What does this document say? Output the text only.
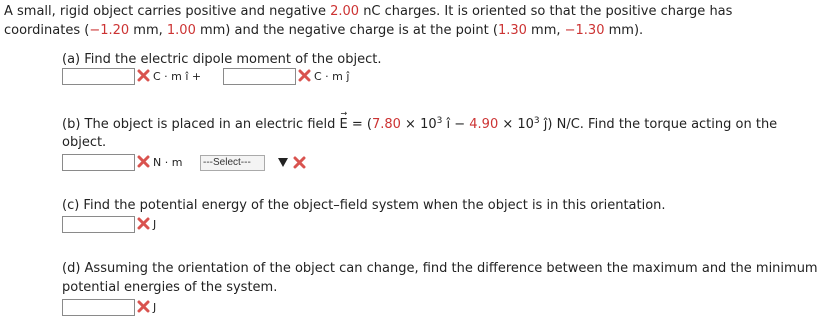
A small, rigid object carries positive and negative 2.00 nC charges. It is oriented so that the positive charge has
coordinates (−1.20 mm, 1.00 mm) and the negative charge is at the point (1.30 mm, −1.30 mm).
(a) Find the electric dipole moment of the object.
C · m î +	C · m ĵ
(b) The object is placed in an electric field
→
$E = (7.80 \times 10^3$ î − $4.90 \times 10^3$ ĵ) N/C. Find the torque acting on the
object.
N · m	---Select---
(c) Find the potential energy of the object–field system when the object is in this orientation.
J
(d) Assuming the orientation of the object can change, find the difference between the maximum and the minimum
potential energies of the system.
J
